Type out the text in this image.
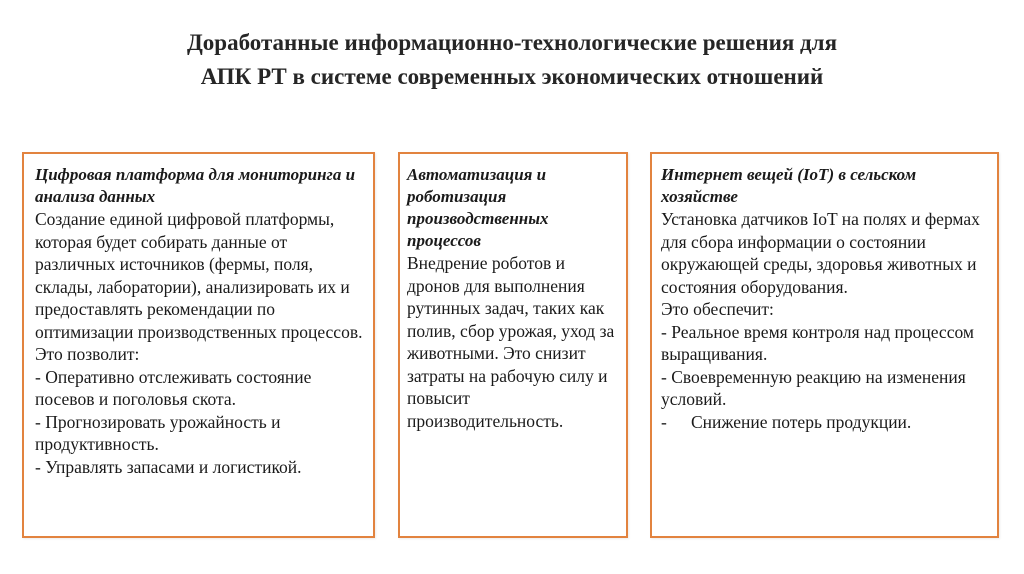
Доработанные информационно-технологические решения для
АПК РТ в системе современных экономических отношений
Цифровая платформа для мониторинга и анализа данных
Создание единой цифровой платформы, которая будет собирать данные от различных источников (фермы, поля, склады, лаборатории), анализировать их и предоставлять рекомендации по оптимизации производственных процессов. Это позволит:
- Оперативно отслеживать состояние посевов и поголовья скота.
- Прогнозировать урожайность и продуктивность.
- Управлять запасами и логистикой.
Автоматизация и роботизация производственных процессов
Внедрение роботов и дронов для выполнения рутинных задач, таких как полив, сбор урожая, уход за животными. Это снизит затраты на рабочую силу и повысит производительность.
Интернет вещей (IoT) в сельском хозяйстве
Установка датчиков IoT на полях и фермах для сбора информации о состоянии окружающей среды, здоровья животных и состояния оборудования.
Это обеспечит:
- Реальное время контроля над процессом выращивания.
- Своевременную реакцию на изменения условий.
- Снижение потерь продукции.
